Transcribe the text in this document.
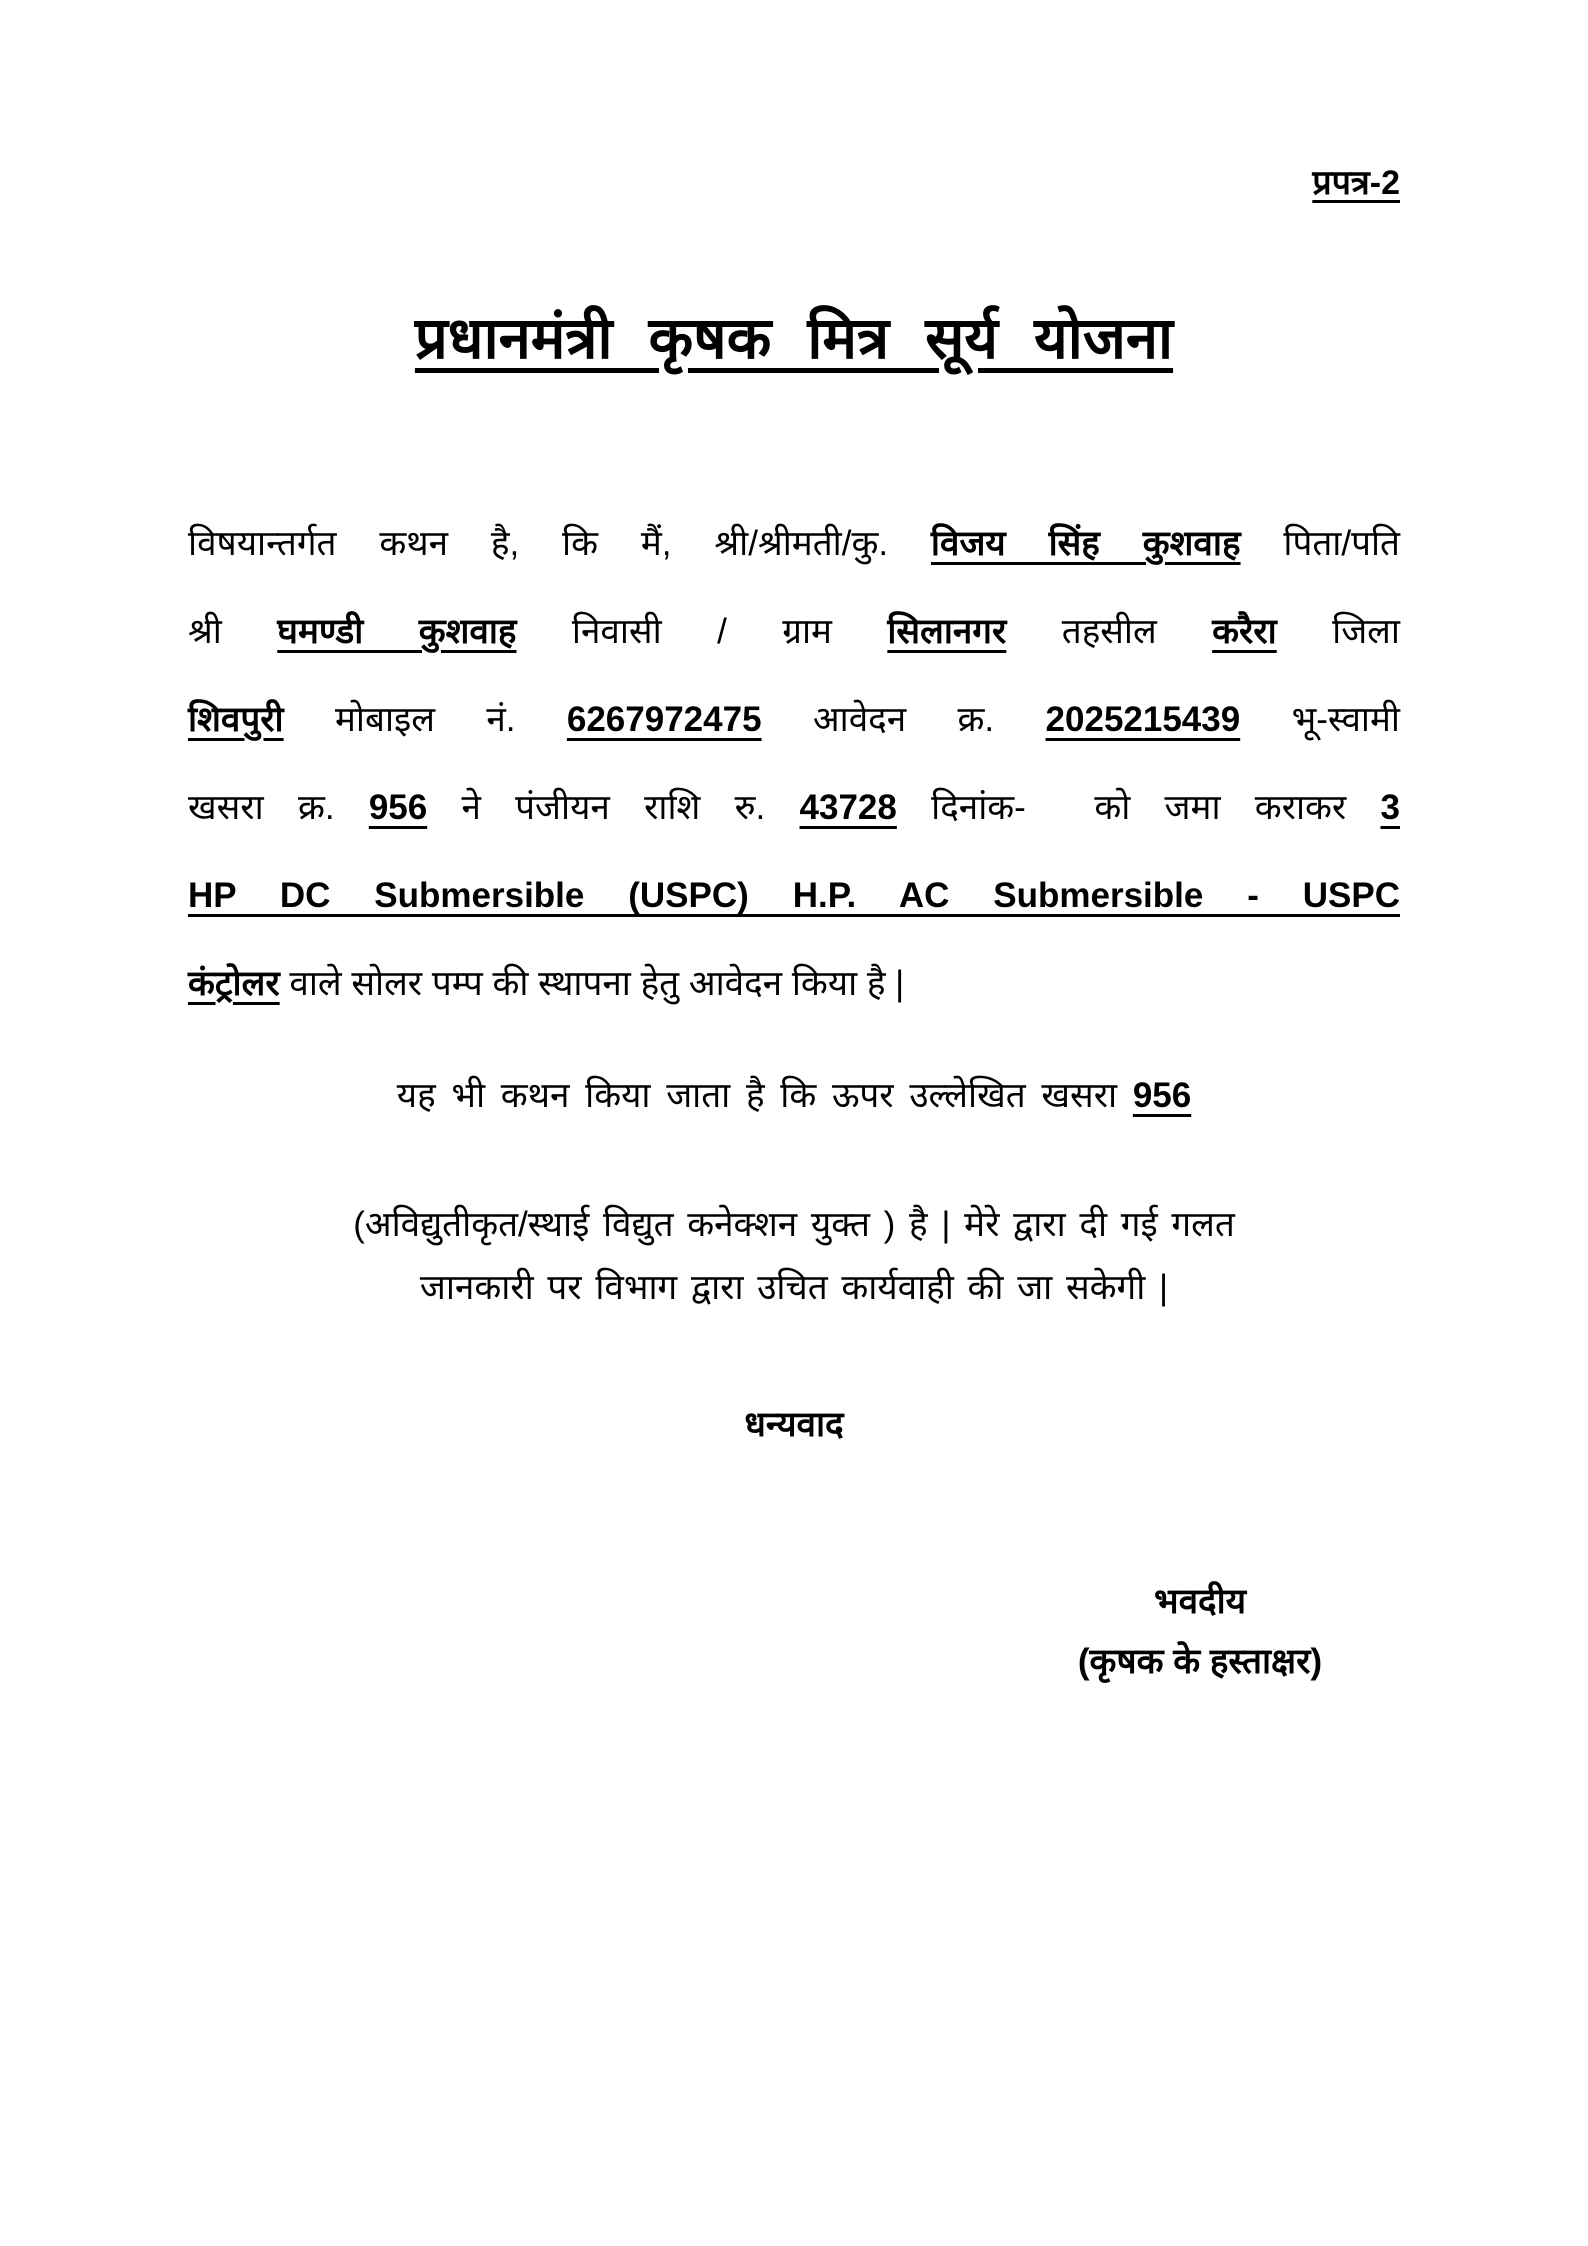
प्रपत्र-2
प्रधानमंत्री कृषक मित्र सूर्य योजना
विषयान्तर्गत कथन है, कि मैं, श्री/श्रीमती/कु. विजय सिंह कुशवाह पिता/पति
श्री घमण्डी कुशवाह निवासी / ग्राम सिलानगर तहसील करैरा जिला
शिवपुरी मोबाइल नं. 6267972475 आवेदन क्र. 2025215439 भू-स्वामी
खसरा क्र. 956 ने पंजीयन राशि रु. 43728 दिनांक-  को जमा कराकर 3
HP DC Submersible (USPC) H.P. AC Submersible - USPC
कंट्रोलर वाले सोलर पम्प की स्थापना हेतु आवेदन किया है |
यह भी कथन किया जाता है कि ऊपर उल्लेखित खसरा 956
(अविद्युतीकृत/स्थाई विद्युत कनेक्शन युक्त ) है | मेरे द्वारा दी गई गलत
जानकारी पर विभाग द्वारा उचित कार्यवाही की जा सकेगी |
धन्यवाद
भवदीय
(कृषक के हस्ताक्षर)
